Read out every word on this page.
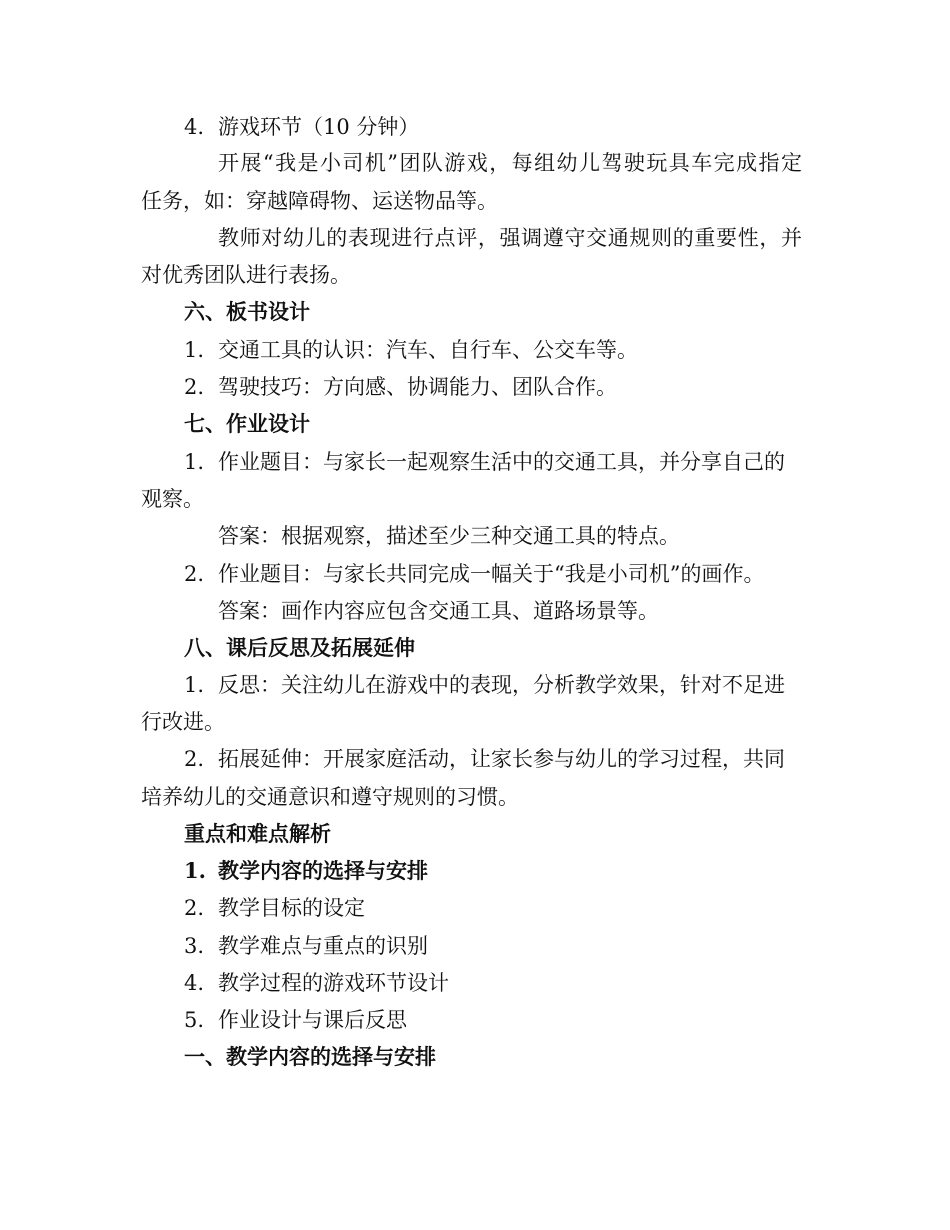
4. 游戏环节（10 分钟）
开展“我是小司机”团队游戏，每组幼儿驾驶玩具车完成指定
任务，如：穿越障碍物、运送物品等。
教师对幼儿的表现进行点评，强调遵守交通规则的重要性，并
对优秀团队进行表扬。
六、板书设计
1. 交通工具的认识：汽车、自行车、公交车等。
2. 驾驶技巧：方向感、协调能力、团队合作。
七、作业设计
1. 作业题目：与家长一起观察生活中的交通工具，并分享自己的
观察。
答案：根据观察，描述至少三种交通工具的特点。
2. 作业题目：与家长共同完成一幅关于“我是小司机”的画作。
答案：画作内容应包含交通工具、道路场景等。
八、课后反思及拓展延伸
1. 反思：关注幼儿在游戏中的表现，分析教学效果，针对不足进
行改进。
2. 拓展延伸：开展家庭活动，让家长参与幼儿的学习过程，共同
培养幼儿的交通意识和遵守规则的习惯。
重点和难点解析
1. 教学内容的选择与安排
2. 教学目标的设定
3. 教学难点与重点的识别
4. 教学过程的游戏环节设计
5. 作业设计与课后反思
一、教学内容的选择与安排
